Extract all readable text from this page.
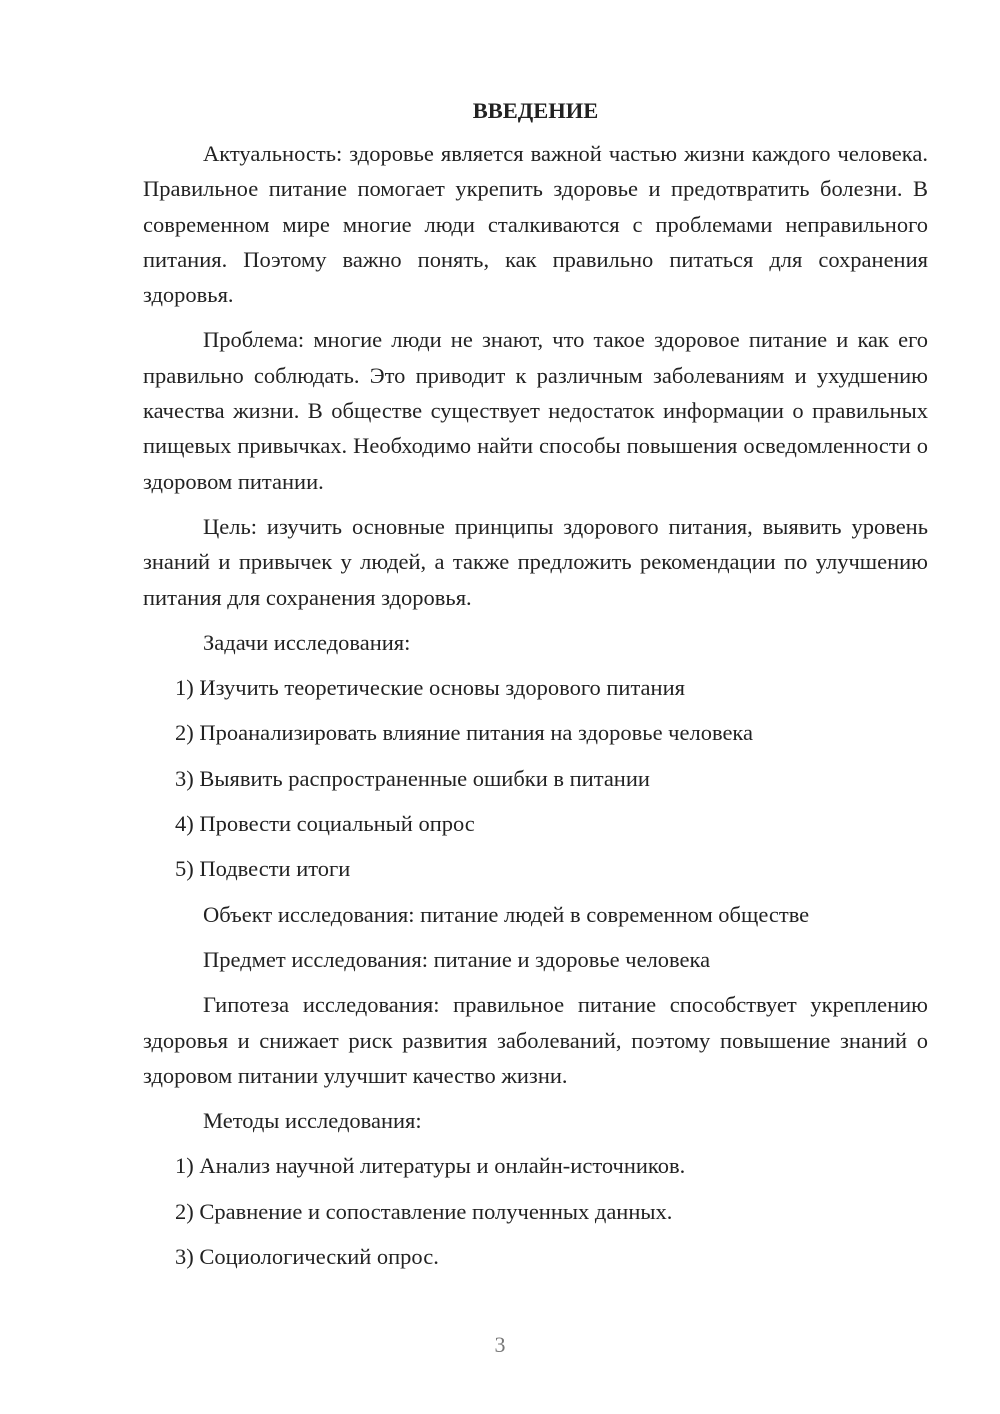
ВВЕДЕНИЕ

Актуальность: здоровье является важной частью жизни каждого человека. Правильное питание помогает укрепить здоровье и предотвратить болезни. В современном мире многие люди сталкиваются с проблемами неправильного питания. Поэтому важно понять, как правильно питаться для сохранения здоровья.

Проблема: многие люди не знают, что такое здоровое питание и как его правильно соблюдать. Это приводит к различным заболеваниям и ухудшению качества жизни. В обществе существует недостаток информации о правильных пищевых привычках. Необходимо найти способы повышения осведомленности о здоровом питании.

Цель: изучить основные принципы здорового питания, выявить уровень знаний и привычек у людей, а также предложить рекомендации по улучшению питания для сохранения здоровья.

Задачи исследования:
1) Изучить теоретические основы здорового питания
2) Проанализировать влияние питания на здоровье человека
3) Выявить распространенные ошибки в питании
4) Провести социальный опрос
5) Подвести итоги
Объект исследования: питание людей в современном обществе
Предмет исследования: питание и здоровье человека

Гипотеза исследования: правильное питание способствует укреплению здоровья и снижает риск развития заболеваний, поэтому повышение знаний о здоровом питании улучшит качество жизни.

Методы исследования:
1) Анализ научной литературы и онлайн-источников.
2) Сравнение и сопоставление полученных данных.
3) Социологический опрос.
3
